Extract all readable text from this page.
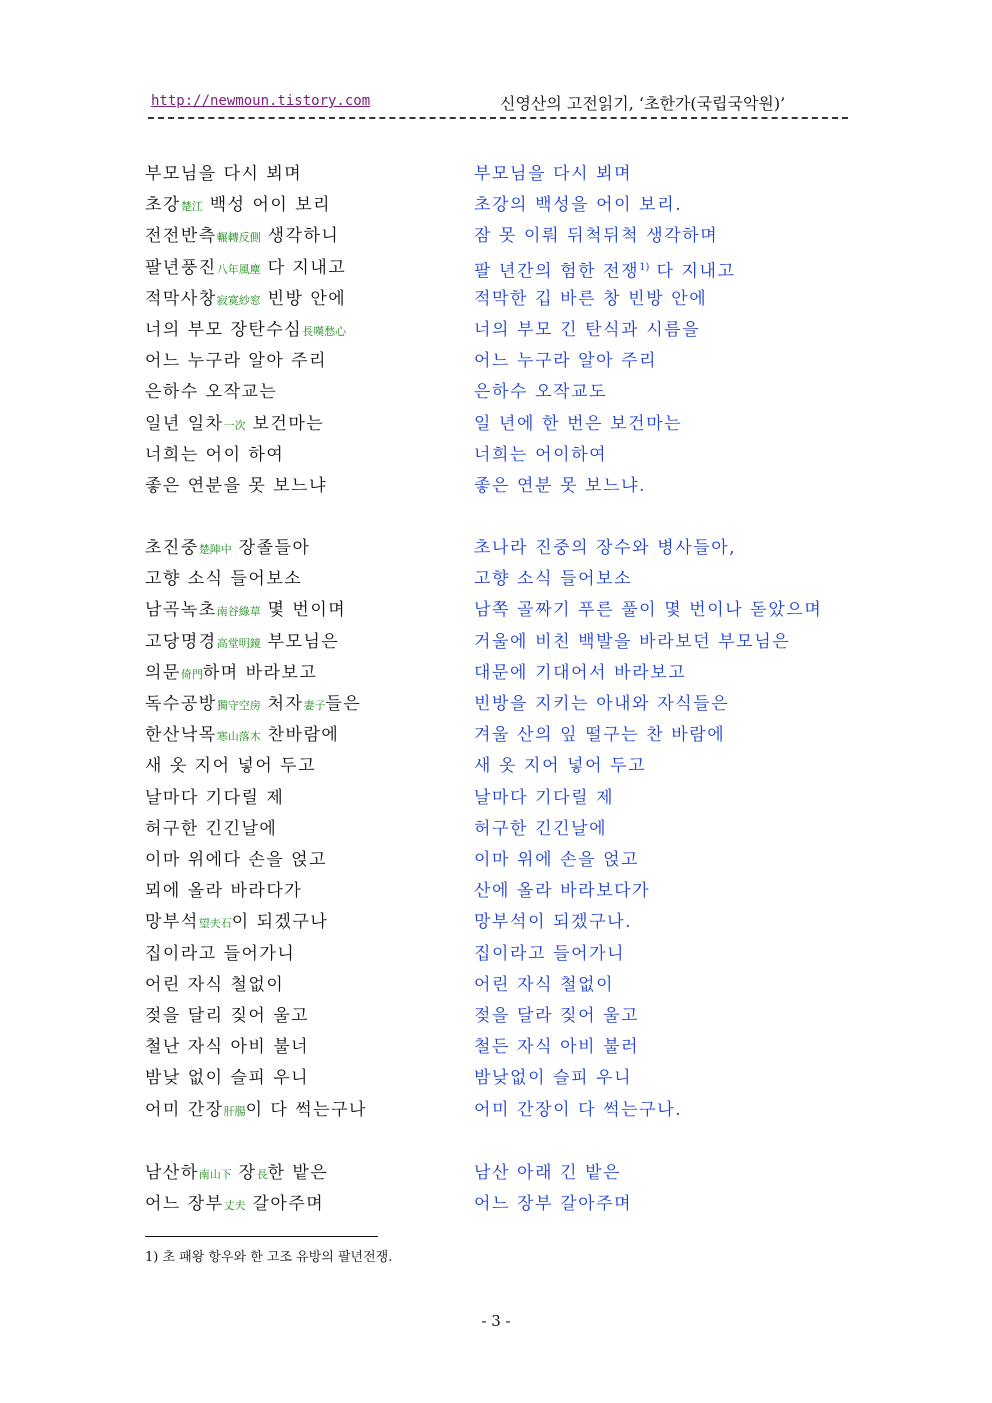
http://newmoun.tistory.com	신영산의 고전읽기, ‘초한가(국립국악원)’
부모님을 다시 뵈며
초강楚江 백성 어이 보리
전전반측輾轉反側 생각하니
팔년풍진八年風塵 다 지내고
적막사창寂寞紗窓 빈방 안에
너의 부모 장탄수심長嘆愁心
어느 누구라 알아 주리
은하수 오작교는
일년 일차一次 보건마는
너희는 어이 하여
좋은 연분을 못 보느냐
부모님을 다시 뵈며
초강의 백성을 어이 보리.
잠 못 이뤄 뒤척뒤척 생각하며
팔 년간의 험한 전쟁$^{1)}$ 다 지내고
적막한 깁 바른 창 빈방 안에
너의 부모 긴 탄식과 시름을
어느 누구라 알아 주리
은하수 오작교도
일 년에 한 번은 보건마는
너희는 어이하여
좋은 연분 못 보느냐.
초진중楚陣中 장졸들아
고향 소식 들어보소
남곡녹초南谷綠草 몇 번이며
고당명경高堂明鏡 부모님은
의문倚門하며 바라보고
독수공방獨守空房 처자妻子들은
한산낙목寒山落木 찬바람에
새 옷 지어 넣어 두고
날마다 기다릴 제
허구한 긴긴날에
이마 위에다 손을 얹고
뫼에 올라 바라다가
망부석望夫石이 되겠구나
집이라고 들어가니
어린 자식 철없이
젖을 달리 짖어 울고
철난 자식 아비 불너
밤낮 없이 슬피 우니
어미 간장肝腸이 다 썩는구나
초나라 진중의 장수와 병사들아,
고향 소식 들어보소
남쪽 골짜기 푸른 풀이 몇 번이나 돋았으며
거울에 비친 백발을 바라보던 부모님은
대문에 기대어서 바라보고
빈방을 지키는 아내와 자식들은
겨울 산의 잎 떨구는 찬 바람에
새 옷 지어 넣어 두고
날마다 기다릴 제
허구한 긴긴날에
이마 위에 손을 얹고
산에 올라 바라보다가
망부석이 되겠구나.
집이라고 들어가니
어린 자식 철없이
젖을 달라 짖어 울고
철든 자식 아비 불러
밤낮없이 슬피 우니
어미 간장이 다 썩는구나.
남산하南山下 장長한 밭은
어느 장부丈夫 갈아주며
남산 아래 긴 밭은
어느 장부 갈아주며
1) 초 패왕 항우와 한 고조 유방의 팔년전쟁.
- 3 -
